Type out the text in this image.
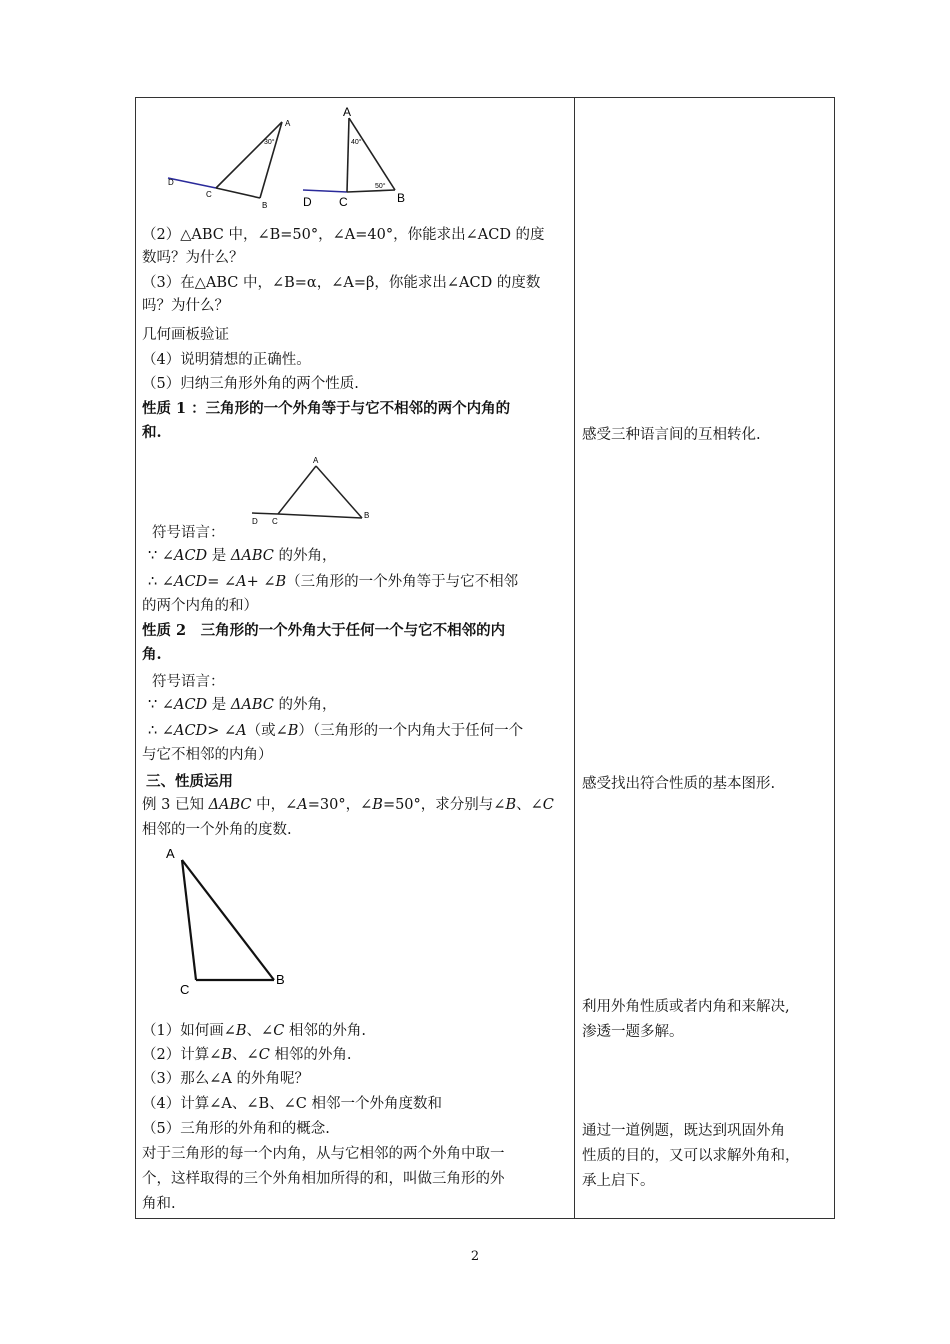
A
B
C
D
30°
A
B
C
D
40°
50°
（2）△ABC 中，∠B=50°，∠A=40°，你能求出∠ACD 的度
数吗？为什么？
（3）在△ABC 中，∠B=α，∠A=β，你能求出∠ACD 的度数
吗？为什么？
几何画板验证
（4）说明猜想的正确性。
（5）归纳三角形外角的两个性质.
性质 1 ：三角形的一个外角等于与它不相邻的两个内角的
和.
A
B
C
D
符号语言：
∵ ∠ACD 是 ΔABC 的外角，
∴ ∠ACD= ∠A+ ∠B（三角形的一个外角等于与它不相邻
的两个内角的和）
性质 2　三角形的一个外角大于任何一个与它不相邻的内
角.
符号语言：
∵ ∠ACD 是 ΔABC 的外角，
∴ ∠ACD> ∠A（或∠B）（三角形的一个内角大于任何一个
与它不相邻的内角）
三、性质运用
例 3 已知 ΔABC 中，∠A=30°，∠B=50°，求分别与∠B、∠C
相邻的一个外角的度数.
A
B
C
（1）如何画∠B、∠C 相邻的外角.
（2）计算∠B、∠C 相邻的外角.
（3）那么∠A 的外角呢？
（4）计算∠A、∠B、∠C 相邻一个外角度数和
（5）三角形的外角和的概念.
对于三角形的每一个内角，从与它相邻的两个外角中取一
个，这样取得的三个外角相加所得的和，叫做三角形的外
角和.
感受三种语言间的互相转化.
感受找出符合性质的基本图形.
利用外角性质或者内角和来解决,
渗透一题多解。
通过一道例题，既达到巩固外角
性质的目的，又可以求解外角和，
承上启下。
2
